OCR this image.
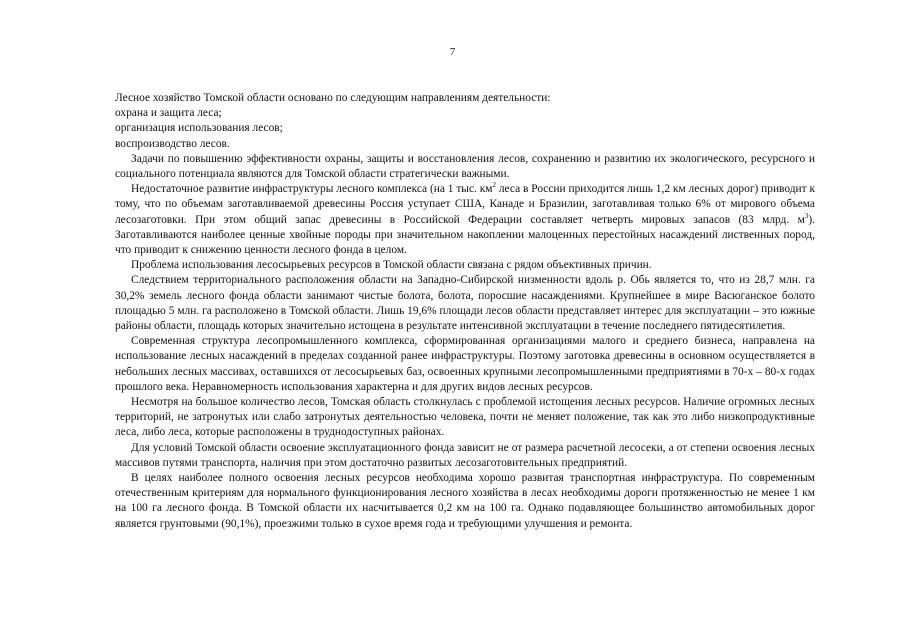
7

Лесное хозяйство Томской области основано по следующим направлениям деятельности:

охрана и защита леса;

организация использования лесов;

воспроизводство лесов.

Задачи по повышению эффективности охраны, защиты и восстановления лесов, сохранению и развитию их экологического, ресурсного и социального потенциала являются для Томской области стратегически важными.

Недостаточное развитие инфраструктуры лесного комплекса (на 1 тыс. $км^2$ леса в России приходится лишь 1,2 км лесных дорог) приводит к тому, что по объемам заготавливаемой древесины Россия уступает США, Канаде и Бразилии, заготавливая только 6% от мирового объема лесозаготовки. При этом общий запас древесины в Российской Федерации составляет четверть мировых запасов (83 млрд. $м^3$). Заготавливаются наиболее ценные хвойные породы при значительном накоплении малоценных перестойных насаждений лиственных пород, что приводит к снижению ценности лесного фонда в целом.

Проблема использования лесосырьевых ресурсов в Томской области связана с рядом объективных причин.

Следствием территориального расположения области на Западно-Сибирской низменности вдоль р. Обь является то, что из 28,7 млн. га 30,2% земель лесного фонда области занимают чистые болота, болота, поросшие насаждениями. Крупнейшее в мире Васюганское болото площадью 5 млн. га расположено в Томской области. Лишь 19,6% площади лесов области представляет интерес для эксплуатации – это южные районы области, площадь которых значительно истощена в результате интенсивной эксплуатации в течение последнего пятидесятилетия.

Современная структура лесопромышленного комплекса, сформированная организациями малого и среднего бизнеса, направлена на использование лесных насаждений в пределах созданной ранее инфраструктуры. Поэтому заготовка древесины в основном осуществляется в небольших лесных массивах, оставшихся от лесосырьевых баз, освоенных крупными лесопромышленными предприятиями в 70-х – 80-х годах прошлого века. Неравномерность использования характерна и для других видов лесных ресурсов.

Несмотря на большое количество лесов, Томская область столкнулась с проблемой истощения лесных ресурсов. Наличие огромных лесных территорий, не затронутых или слабо затронутых деятельностью человека, почти не меняет положение, так как это либо низкопродуктивные леса, либо леса, которые расположены в труднодоступных районах.

Для условий Томской области освоение эксплуатационного фонда зависит не от размера расчетной лесосеки, а от степени освоения лесных массивов путями транспорта, наличия при этом достаточно развитых лесозаготовительных предприятий.

В целях наиболее полного освоения лесных ресурсов необходима хорошо развитая транспортная инфраструктура. По современным отечественным критериям для нормального функционирования лесного хозяйства в лесах необходимы дороги протяженностью не менее 1 км на 100 га лесного фонда. В Томской области их насчитывается 0,2 км на 100 га. Однако подавляющее большинство автомобильных дорог является грунтовыми (90,1%), проезжими только в сухое время года и требующими улучшения и ремонта.
